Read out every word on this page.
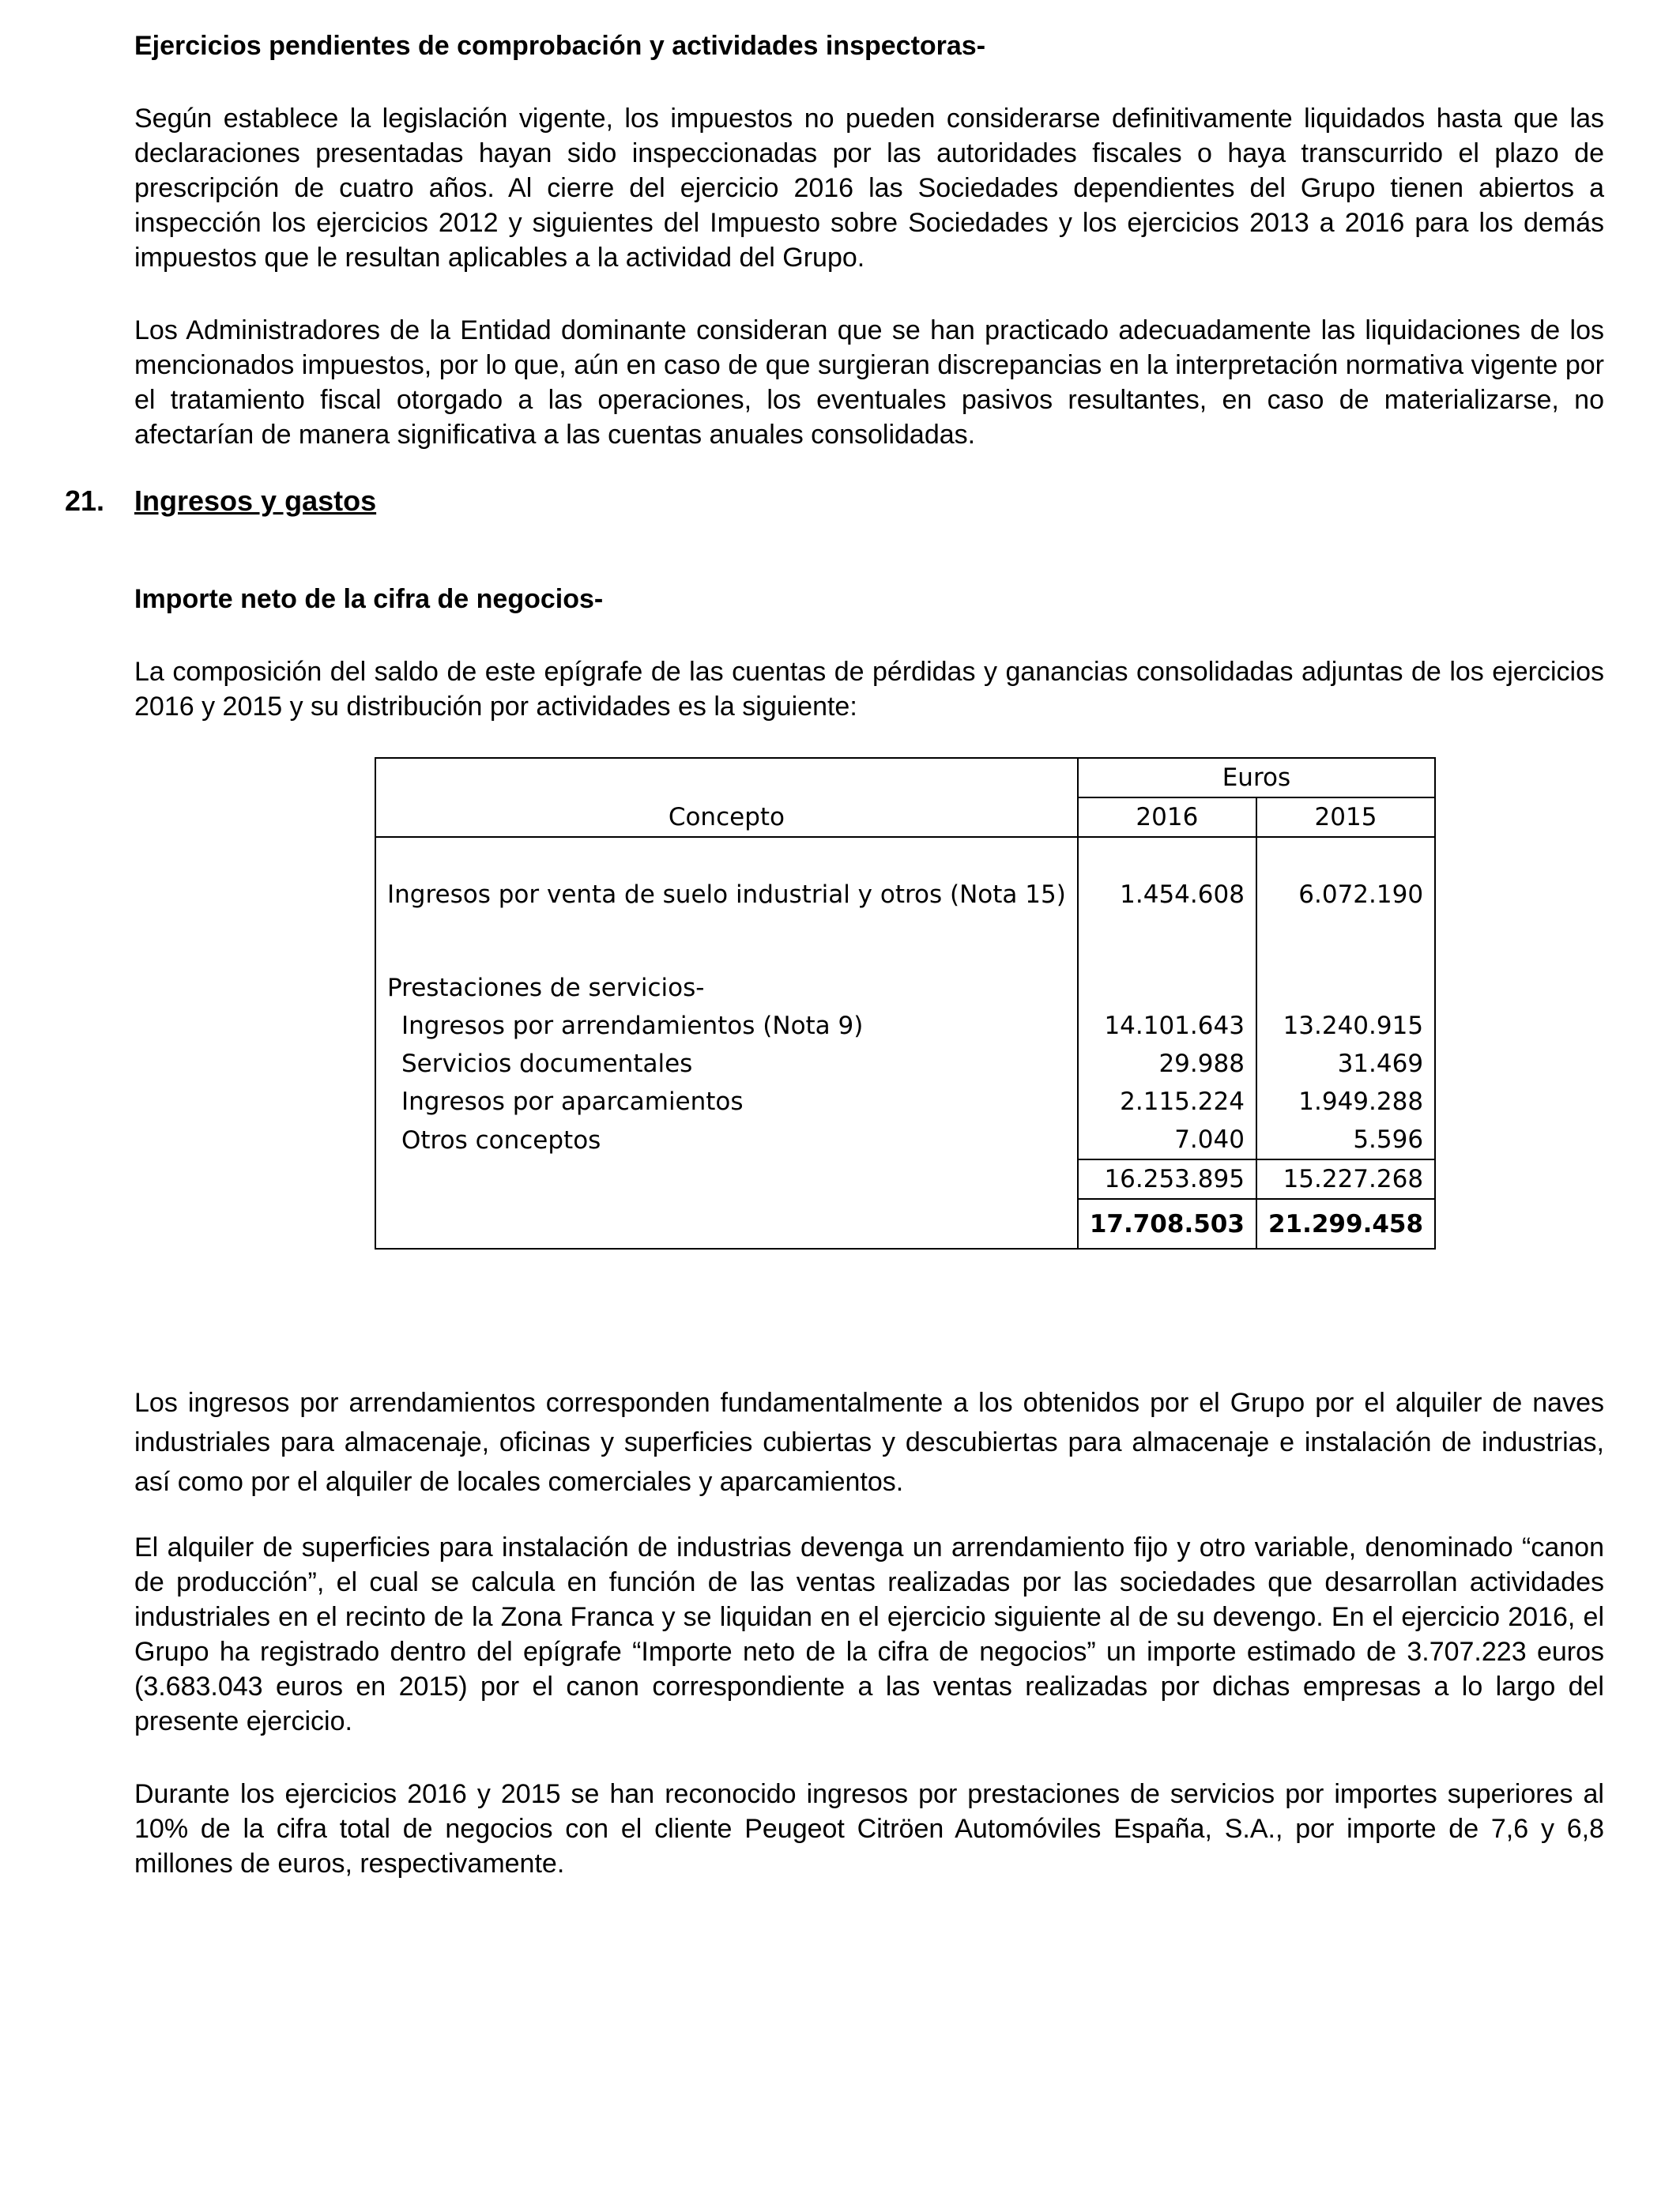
Ejercicios pendientes de comprobación y actividades inspectoras-

Según establece la legislación vigente, los impuestos no pueden considerarse definitivamente liquidados hasta que las declaraciones presentadas hayan sido inspeccionadas por las autoridades fiscales o haya transcurrido el plazo de prescripción de cuatro años. Al cierre del ejercicio 2016 las Sociedades dependientes del Grupo tienen abiertos a inspección los ejercicios 2012 y siguientes del Impuesto sobre Sociedades y los ejercicios 2013 a 2016 para los demás impuestos que le resultan aplicables a la actividad del Grupo.

Los Administradores de la Entidad dominante consideran que se han practicado adecuadamente las liquidaciones de los mencionados impuestos, por lo que, aún en caso de que surgieran discrepancias en la interpretación normativa vigente por el tratamiento fiscal otorgado a las operaciones, los eventuales pasivos resultantes, en caso de materializarse, no afectarían de manera significativa a las cuentas anuales consolidadas.

21. Ingresos y gastos
Importe neto de la cifra de negocios-

La composición del saldo de este epígrafe de las cuentas de pérdidas y ganancias consolidadas adjuntas de los ejercicios 2016 y 2015 y su distribución por actividades es la siguiente:

	Euros	
Concepto	2016	2015

Ingresos por venta de suelo industrial y otros (Nota 15)	1.454.608	6.072.190

Prestaciones de servicios-		
Ingresos por arrendamientos (Nota 9)	14.101.643	13.240.915
Servicios documentales	29.988	31.469
Ingresos por aparcamientos	2.115.224	1.949.288
Otros conceptos	7.040	5.596
	16.253.895	15.227.268
	17.708.503	21.299.458

Los ingresos por arrendamientos corresponden fundamentalmente a los obtenidos por el Grupo por el alquiler de naves industriales para almacenaje, oficinas y superficies cubiertas y descubiertas para almacenaje e instalación de industrias, así como por el alquiler de locales comerciales y aparcamientos.

El alquiler de superficies para instalación de industrias devenga un arrendamiento fijo y otro variable, denominado “canon de producción”, el cual se calcula en función de las ventas realizadas por las sociedades que desarrollan actividades industriales en el recinto de la Zona Franca y se liquidan en el ejercicio siguiente al de su devengo. En el ejercicio 2016, el Grupo ha registrado dentro del epígrafe “Importe neto de la cifra de negocios” un importe estimado de 3.707.223 euros (3.683.043 euros en 2015) por el canon correspondiente a las ventas realizadas por dichas empresas a lo largo del presente ejercicio.

Durante los ejercicios 2016 y 2015 se han reconocido ingresos por prestaciones de servicios por importes superiores al 10% de la cifra total de negocios con el cliente Peugeot Citröen Automóviles España, S.A., por importe de 7,6 y 6,8 millones de euros, respectivamente.
